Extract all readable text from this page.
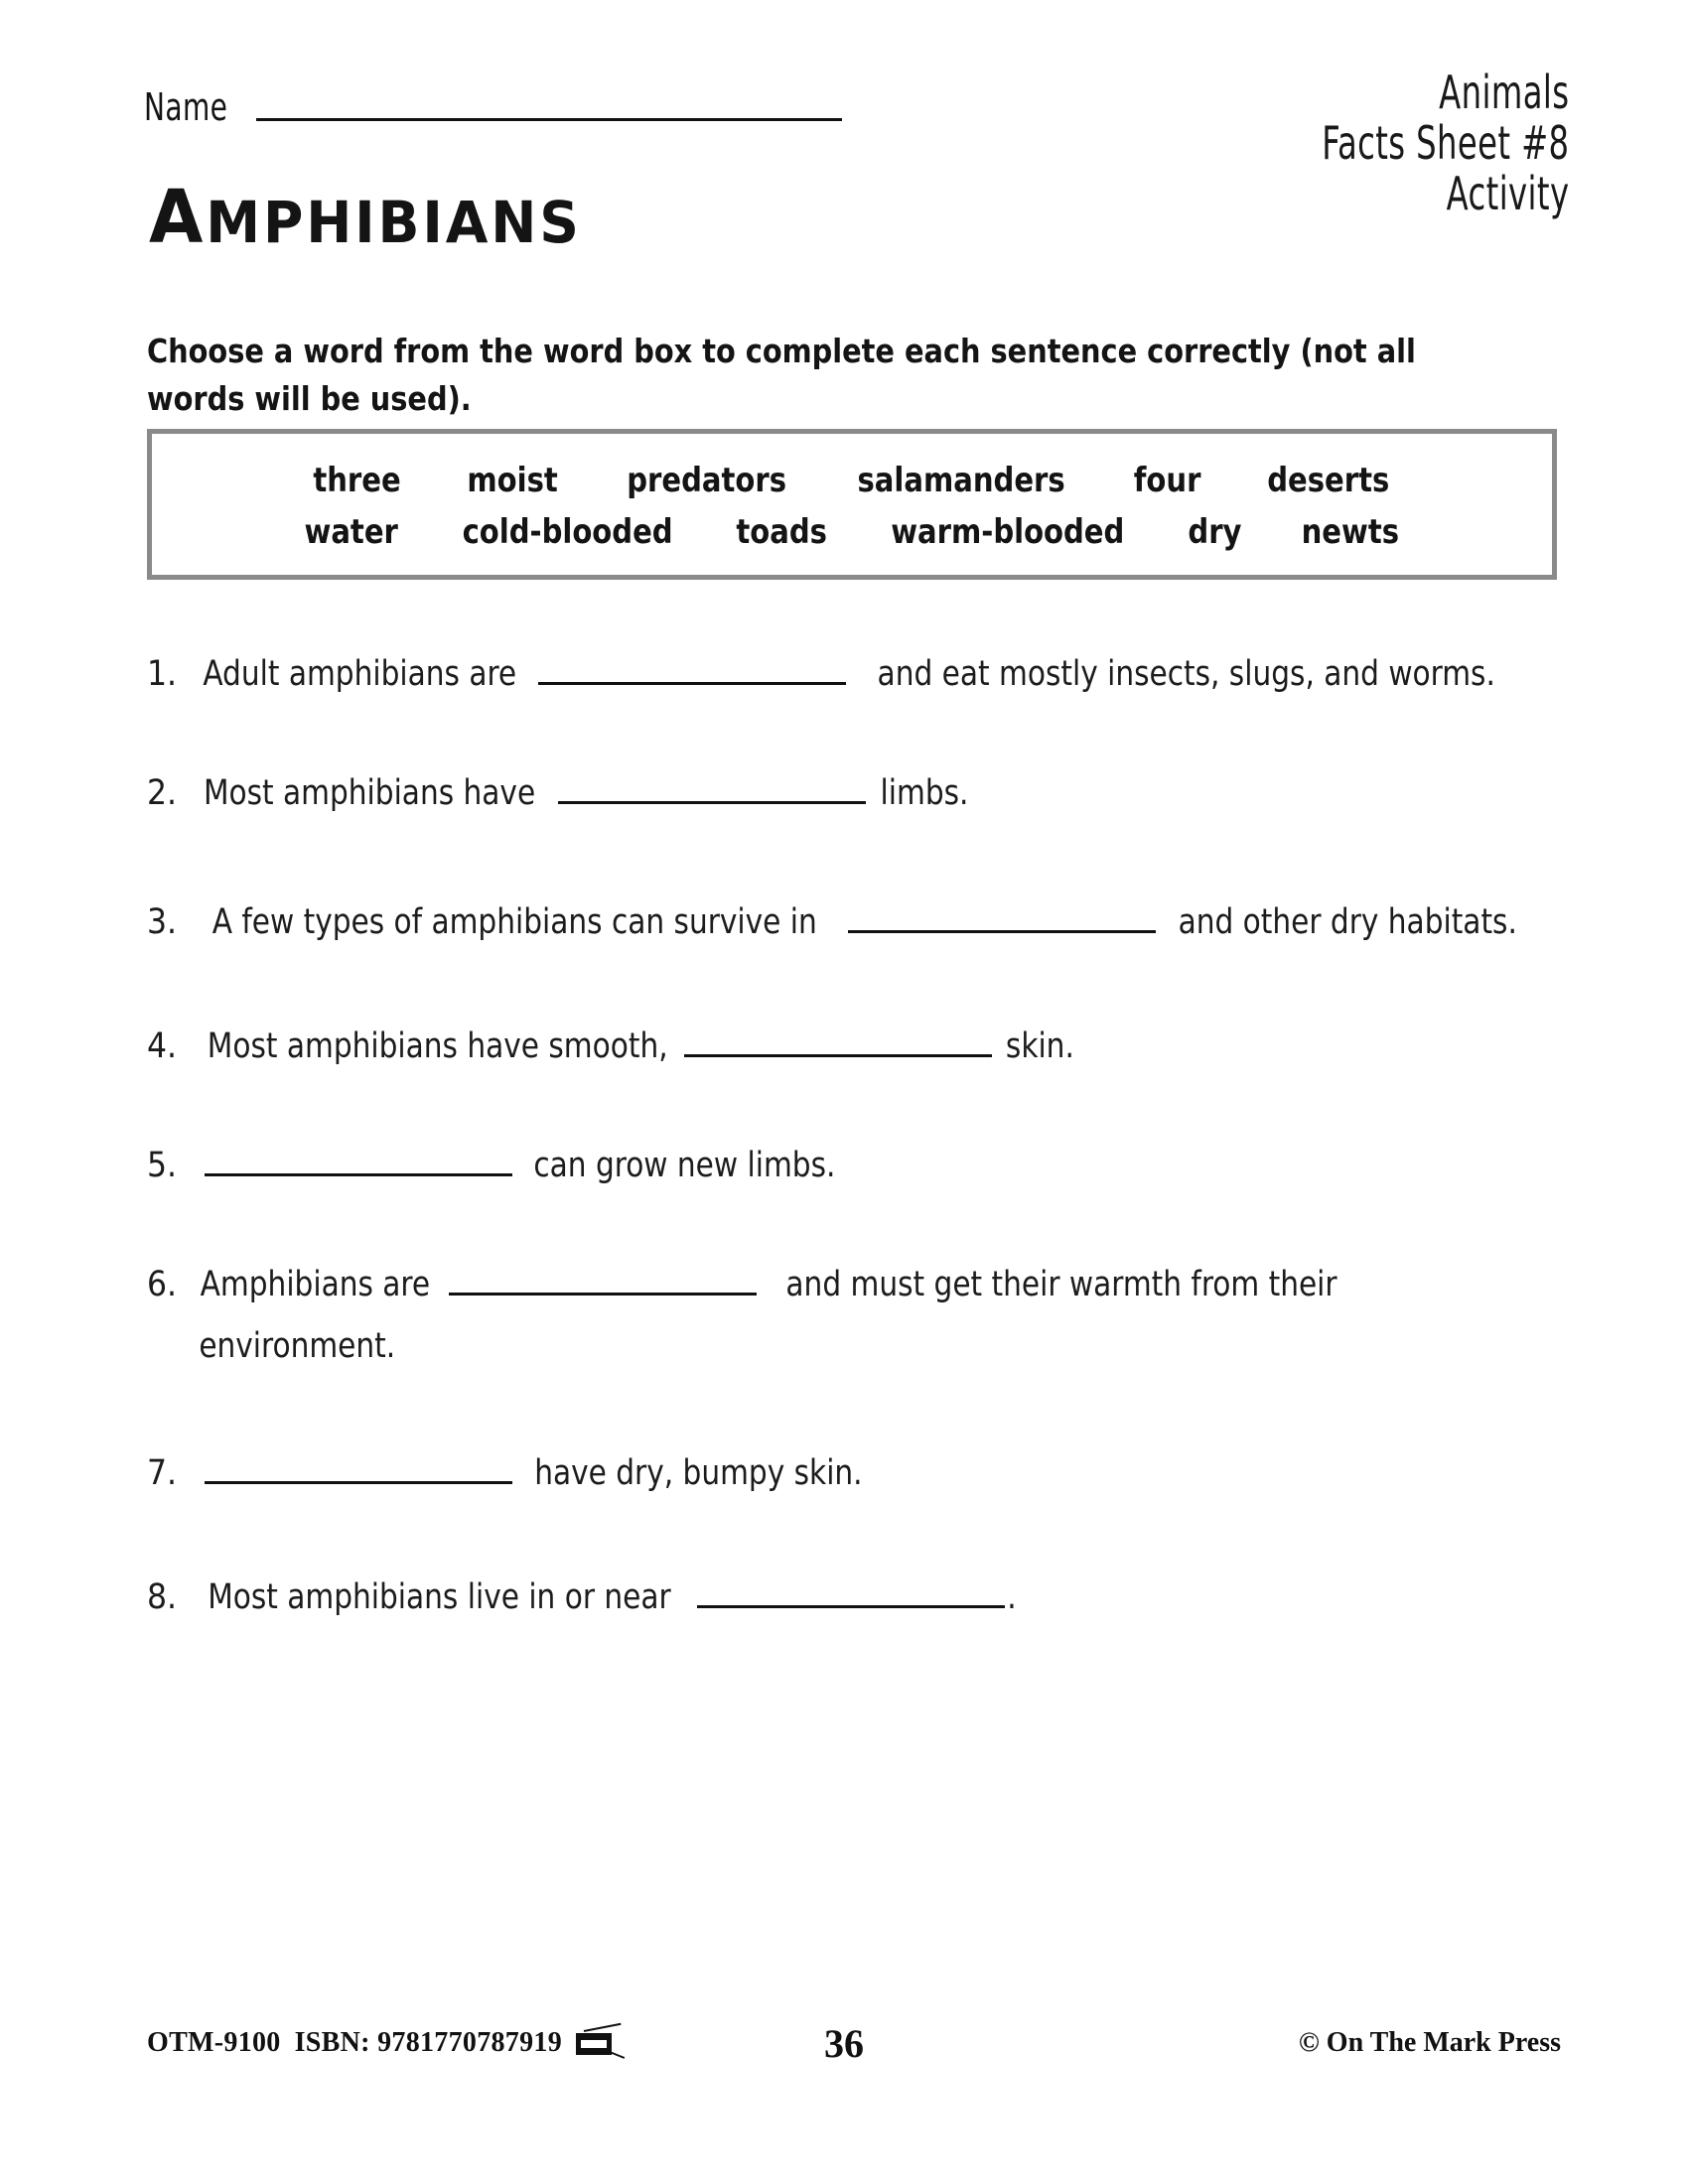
Name	Animals
Facts Sheet #8
Activity
AMPHIBIANS
Choose a word from the word box to complete each sentence correctly (not all words will be used).
three moist predators salamanders four deserts
water cold-blooded toads warm-blooded dry newts
1. Adult amphibians are	and eat mostly insects, slugs, and worms.
2. Most amphibians have	limbs.
3.	A few types of amphibians can survive in	and other dry habitats.
4. Most amphibians have smooth,	skin.
5.
	can grow new limbs.
6. Amphibians are	and must get their warmth from their
environment.
7.
	have dry, bumpy skin.
8. Most amphibians live in or near	.
OTM-9100 ISBN: 9781770787919	36	© On The Mark Press
